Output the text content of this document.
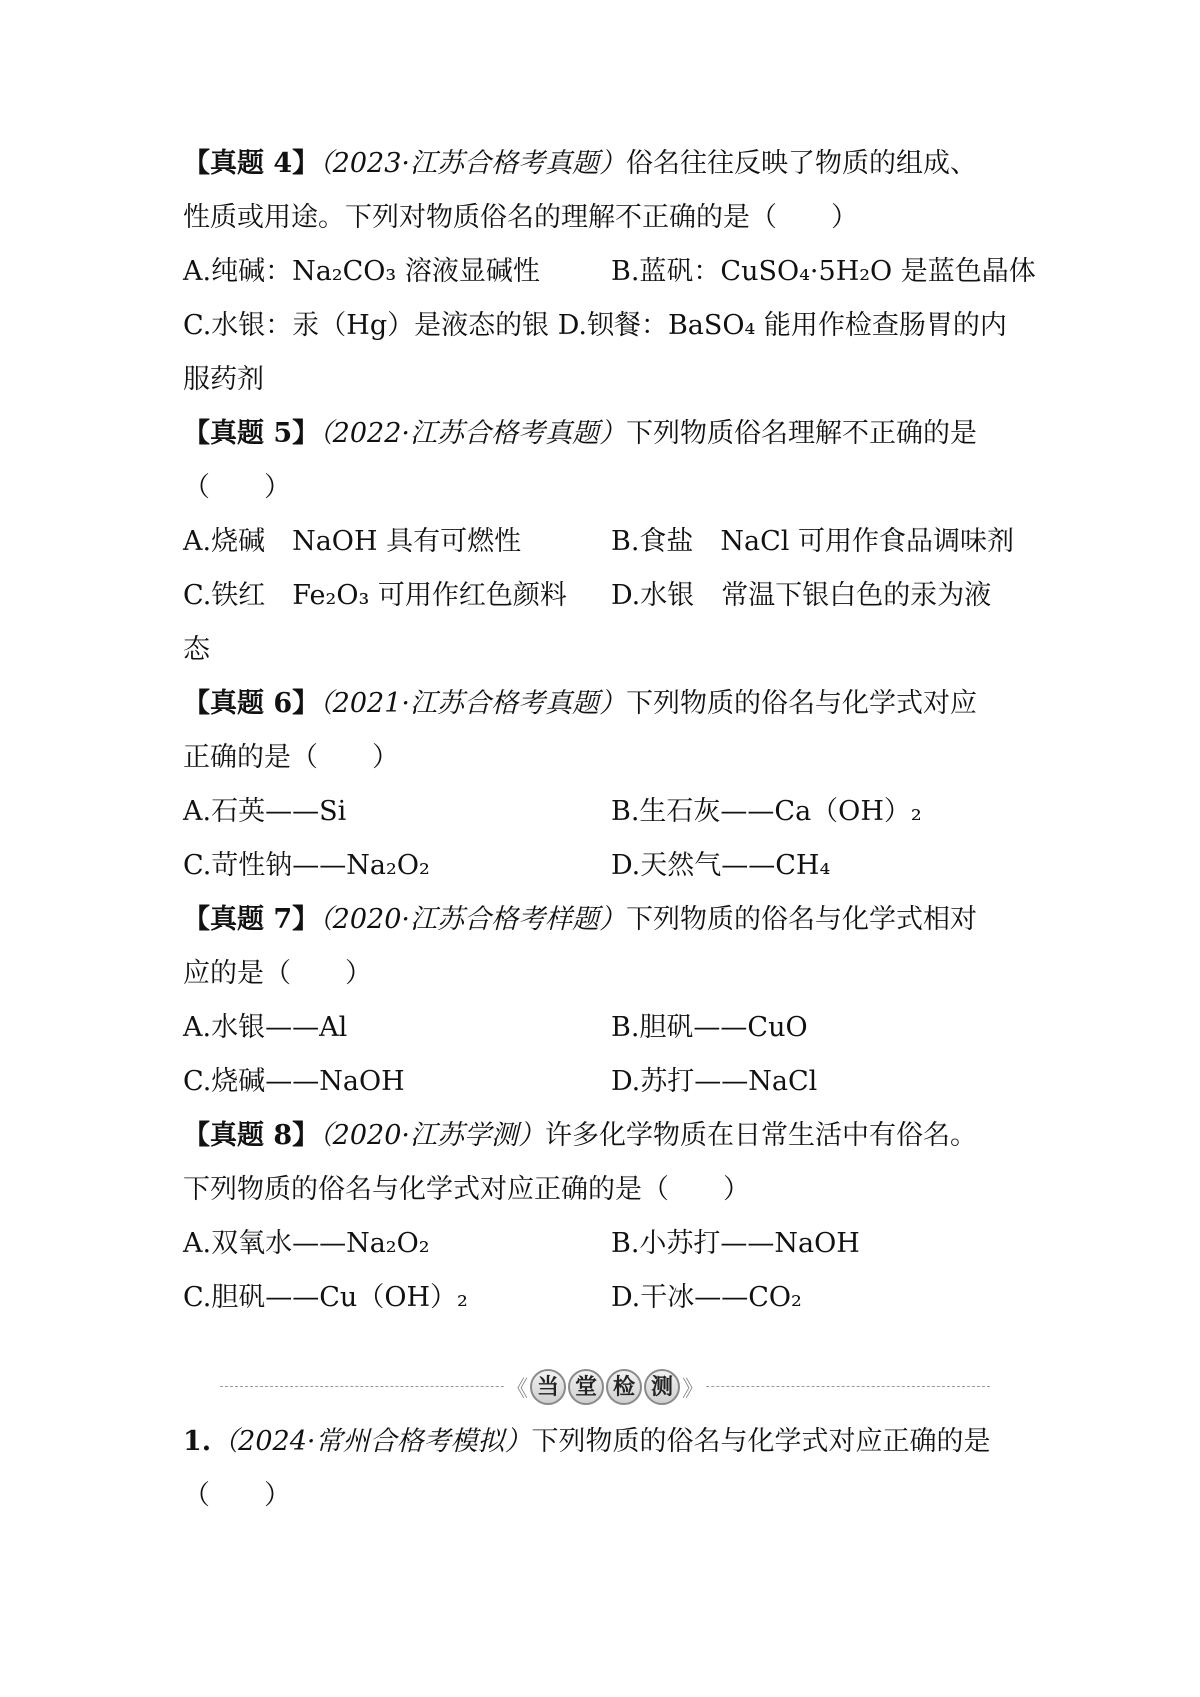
【真题 4】（2023·江苏合格考真题）俗名往往反映了物质的组成、
性质或用途。下列对物质俗名的理解不正确的是（　　）
A.纯碱：Na₂CO₃ 溶液显碱性	B.蓝矾：CuSO₄·5H₂O 是蓝色晶体
C.水银：汞（Hg）是液态的银 D.钡餐：BaSO₄ 能用作检查肠胃的内
服药剂
【真题 5】（2022·江苏合格考真题）下列物质俗名理解不正确的是
（　　）
A.烧碱　NaOH 具有可燃性	B.食盐　NaCl 可用作食品调味剂
C.铁红　Fe₂O₃ 可用作红色颜料 D.水银　常温下银白色的汞为液
态
【真题 6】（2021·江苏合格考真题）下列物质的俗名与化学式对应
正确的是（　　）
A.石英——Si	B.生石灰——Ca（OH）₂
C.苛性钠——Na₂O₂	D.天然气——CH₄
【真题 7】（2020·江苏合格考样题）下列物质的俗名与化学式相对
应的是（　　）
A.水银——Al	B.胆矾——CuO
C.烧碱——NaOH	D.苏打——NaCl
【真题 8】（2020·江苏学测）许多化学物质在日常生活中有俗名。
下列物质的俗名与化学式对应正确的是（　　）
A.双氧水——Na₂O₂	B.小苏打——NaOH
C.胆矾——Cu（OH）₂	D.干冰——CO₂
《 当 堂 检 测 》
1.（2024·常州合格考模拟）下列物质的俗名与化学式对应正确的是
（　　）
